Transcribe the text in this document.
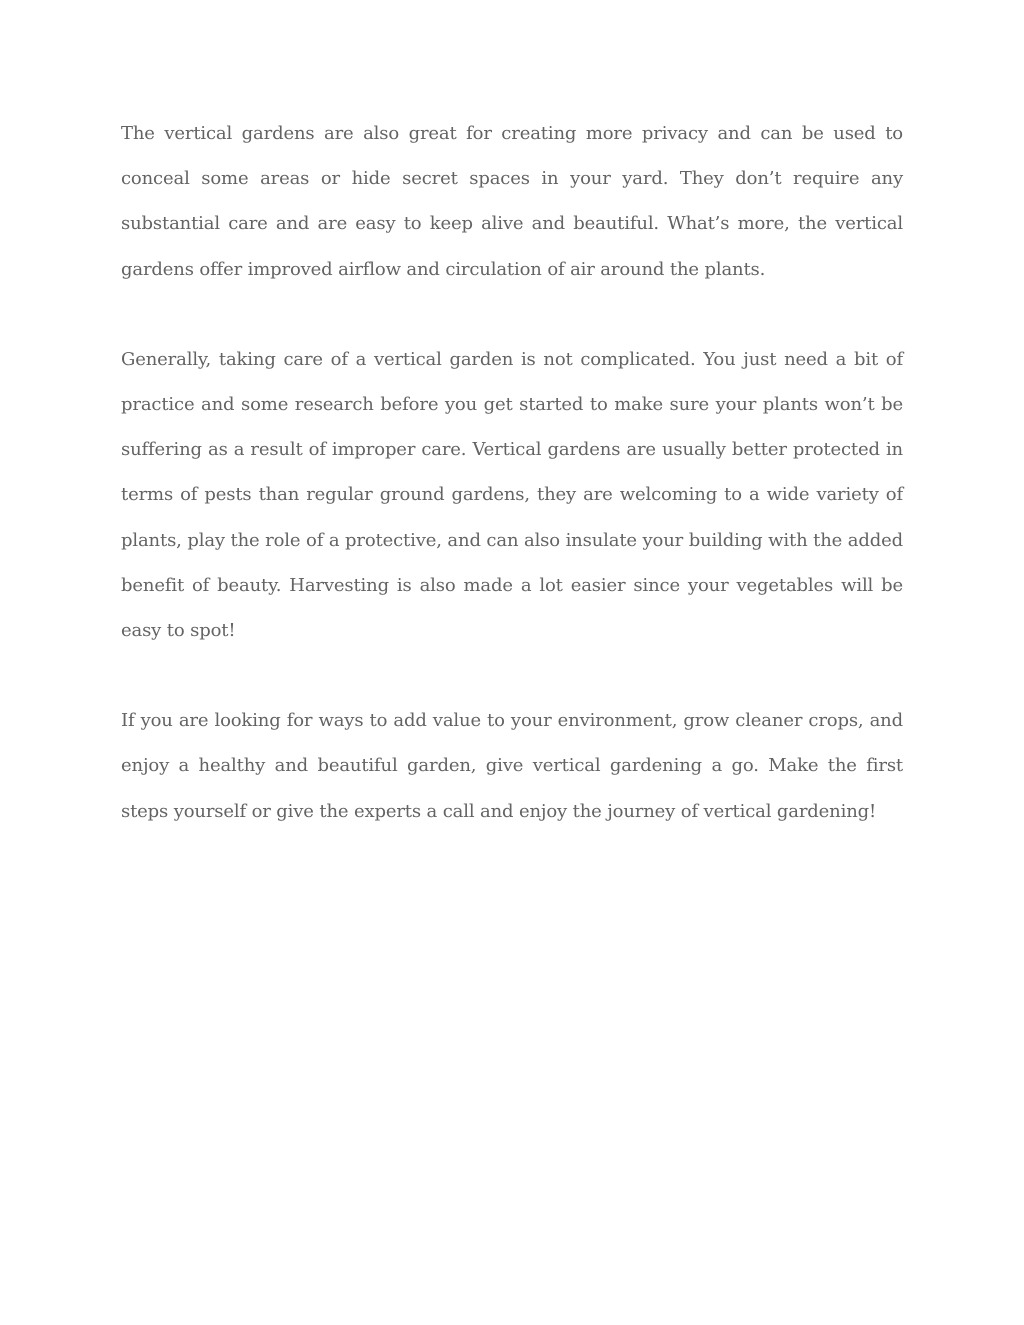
The vertical gardens are also great for creating more privacy and can be used to conceal some areas or hide secret spaces in your yard. They don’t require any substantial care and are easy to keep alive and beautiful. What’s more, the vertical gardens offer improved airflow and circulation of air around the plants.

Generally, taking care of a vertical garden is not complicated. You just need a bit of practice and some research before you get started to make sure your plants won’t be suffering as a result of improper care. Vertical gardens are usually better protected in terms of pests than regular ground gardens, they are welcoming to a wide variety of plants, play the role of a protective, and can also insulate your building with the added benefit of beauty. Harvesting is also made a lot easier since your vegetables will be easy to spot!

If you are looking for ways to add value to your environment, grow cleaner crops, and enjoy a healthy and beautiful garden, give vertical gardening a go. Make the first steps yourself or give the experts a call and enjoy the journey of vertical gardening!
